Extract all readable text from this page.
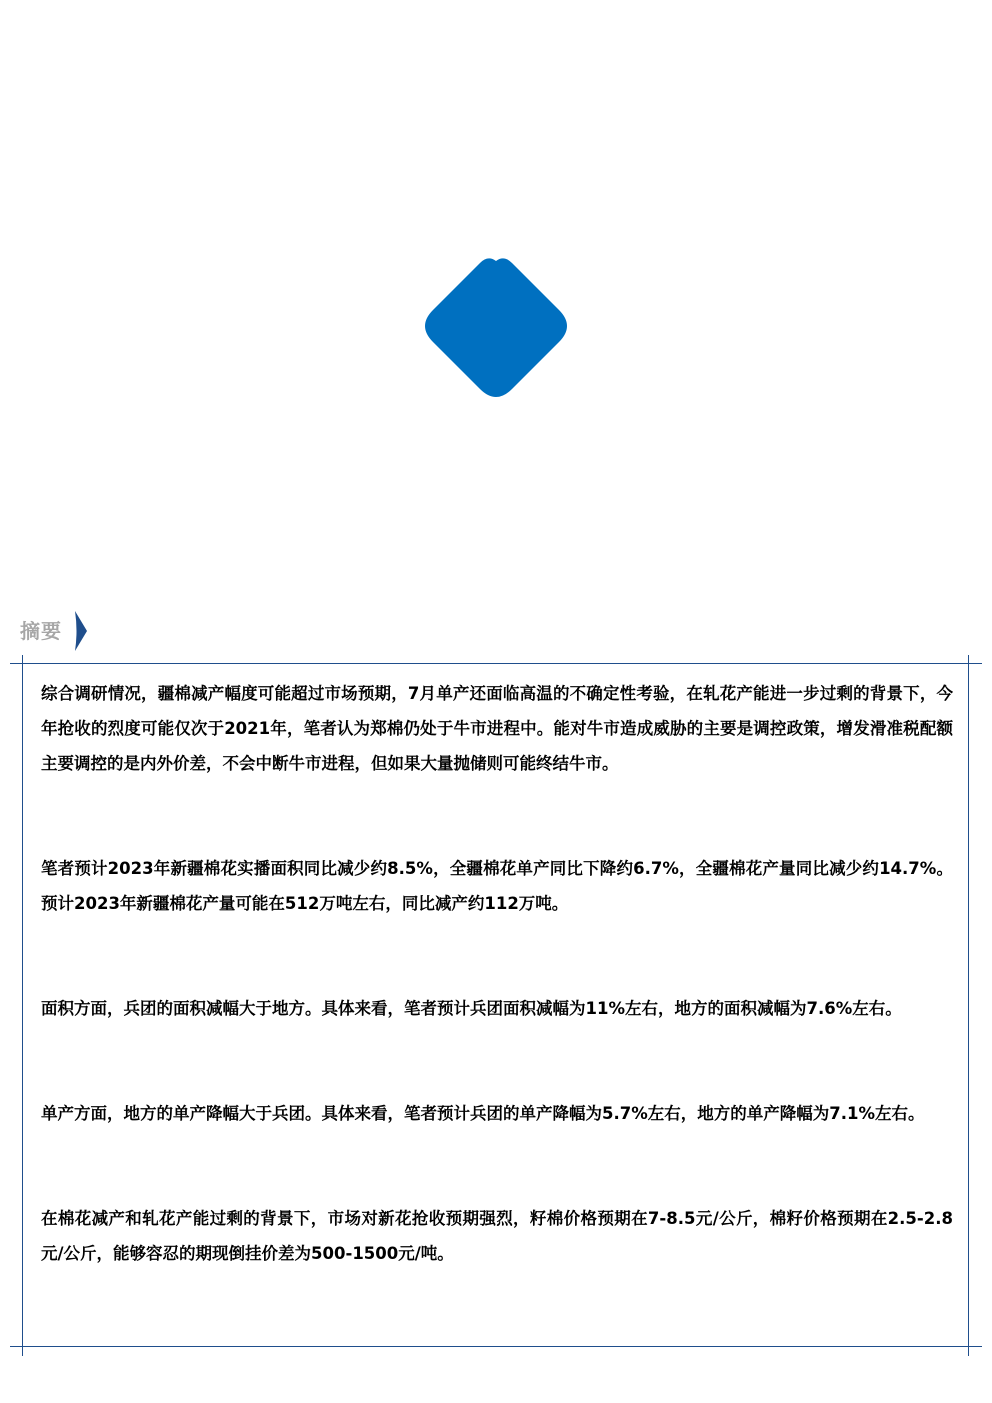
摘要

综合调研情况，疆棉减产幅度可能超过市场预期，7月单产还面临高温的不确定性考验，在轧花产能进一步过剩的背景下，今年抢收的烈度可能仅次于2021年，笔者认为郑棉仍处于牛市进程中。能对牛市造成威胁的主要是调控政策，增发滑准税配额主要调控的是内外价差，不会中断牛市进程，但如果大量抛储则可能终结牛市。

笔者预计2023年新疆棉花实播面积同比减少约8.5%，全疆棉花单产同比下降约6.7%，全疆棉花产量同比减少约14.7%。预计2023年新疆棉花产量可能在512万吨左右，同比减产约112万吨。

面积方面，兵团的面积减幅大于地方。具体来看，笔者预计兵团面积减幅为11%左右，地方的面积减幅为7.6%左右。

单产方面，地方的单产降幅大于兵团。具体来看，笔者预计兵团的单产降幅为5.7%左右，地方的单产降幅为7.1%左右。

在棉花减产和轧花产能过剩的背景下，市场对新花抢收预期强烈，籽棉价格预期在7-8.5元/公斤，棉籽价格预期在2.5-2.8元/公斤，能够容忍的期现倒挂价差为500-1500元/吨。
